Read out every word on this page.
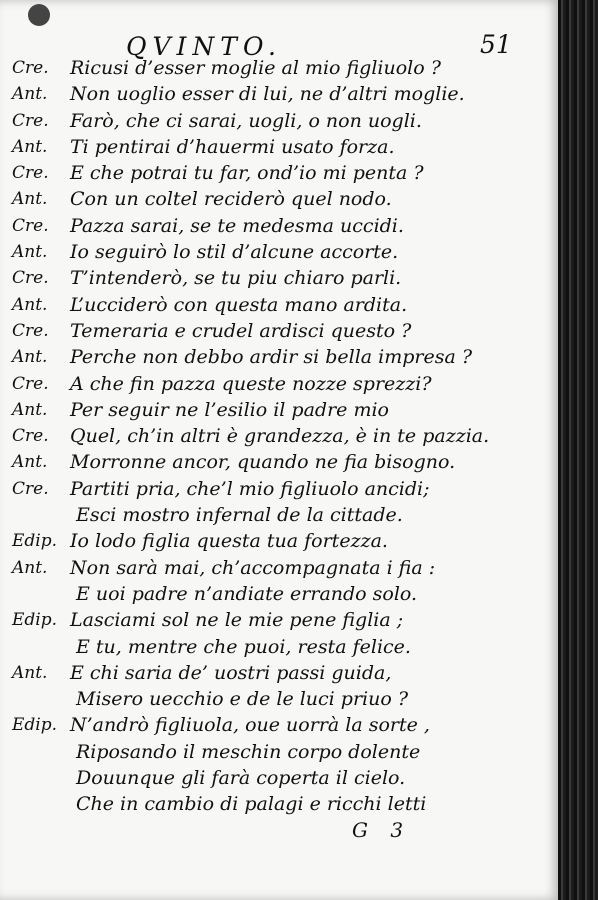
QVINTO.	51
Cre.	Ricusi d’esser moglie al mio figliuolo ?
Ant.	Non uoglio esser di lui, ne d’altri moglie.
Cre.	Farò, che ci sarai, uogli, o non uogli.
Ant.	Ti pentirai d’hauermi usato forza.
Cre.	E che potrai tu far, ond’io mi penta ?
Ant.	Con un coltel reciderò quel nodo.
Cre.	Pazza sarai, se te medesma uccidi.
Ant.	Io seguirò lo stil d’alcune accorte.
Cre.	T’intenderò, se tu piu chiaro parli.
Ant.	L’ucciderò con questa mano ardita.
Cre.	Temeraria e crudel ardisci questo ?
Ant.	Perche non debbo ardir si bella impresa ?
Cre.	A che fin pazza queste nozze sprezzi?
Ant.	Per seguir ne l’esilio il padre mio
Cre.	Quel, ch’in altri è grandezza, è in te pazzia.
Ant.	Morronne ancor, quando ne fia bisogno.
Cre.	Partiti pria, che’l mio figliuolo ancidi;
Esci mostro infernal de la cittade.
Edip. Io lodo figlia questa tua fortezza.
Ant.	Non sarà mai, ch’accompagnata i fia :
E uoi padre n’andiate errando solo.
Edip. Lasciami sol ne le mie pene figlia ;
E tu, mentre che puoi, resta felice.
Ant.	E chi saria de’ uostri passi guida,
Misero uecchio e de le luci priuo ?
Edip. N’andrò figliuola, oue uorrà la sorte ,
Riposando il meschin corpo dolente
Douunque gli farà coperta il cielo.
Che in cambio di palagi e ricchi letti
G 3
